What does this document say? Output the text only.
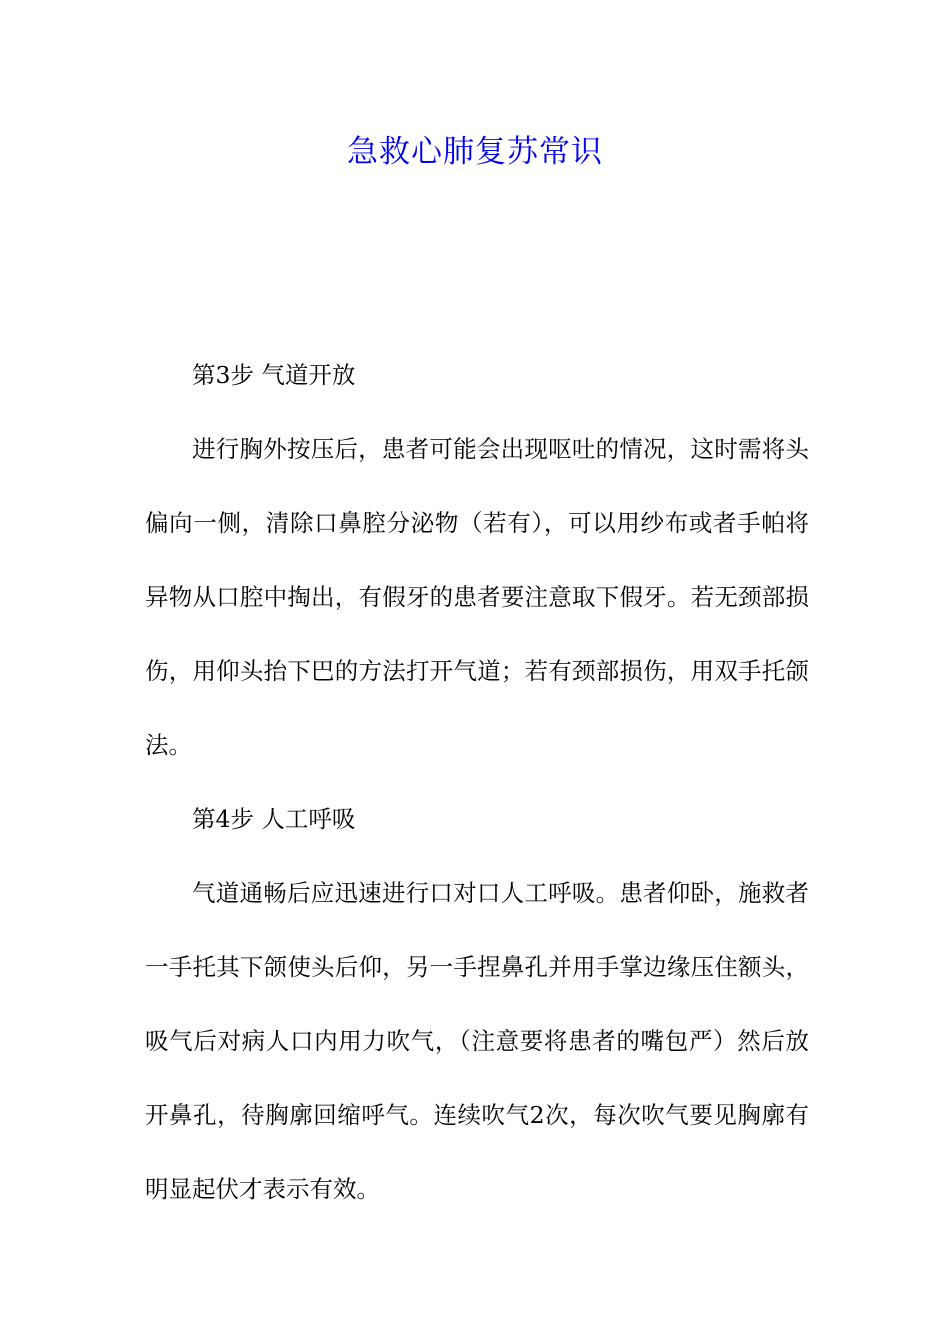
急救心肺复苏常识

第3步 气道开放

进行胸外按压后，患者可能会出现呕吐的情况，这时需将头偏向一侧，清除口鼻腔分泌物（若有），可以用纱布或者手帕将异物从口腔中掏出，有假牙的患者要注意取下假牙。若无颈部损伤，用仰头抬下巴的方法打开气道；若有颈部损伤，用双手托颌法。

第4步 人工呼吸

气道通畅后应迅速进行口对口人工呼吸。患者仰卧，施救者一手托其下颌使头后仰，另一手捏鼻孔并用手掌边缘压住额头，吸气后对病人口内用力吹气，（注意要将患者的嘴包严）然后放开鼻孔，待胸廓回缩呼气。连续吹气2次，每次吹气要见胸廓有明显起伏才表示有效。
